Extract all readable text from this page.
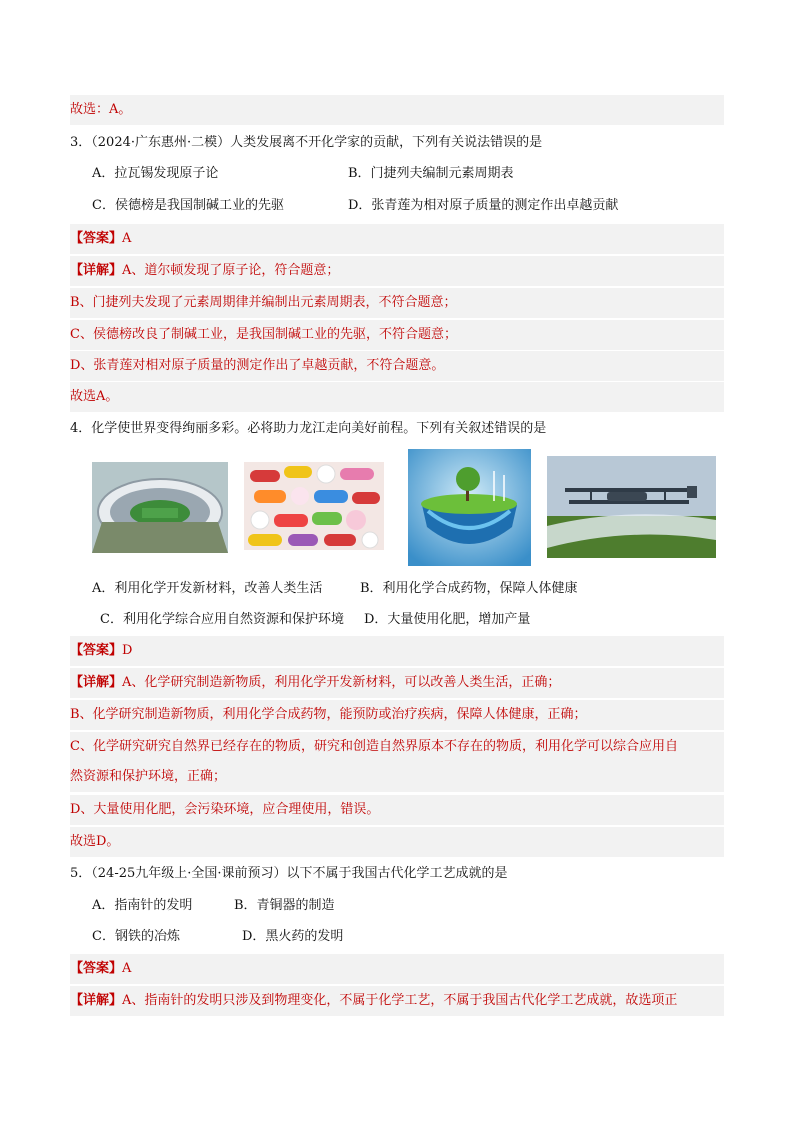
故选：A。
3．（2024·广东惠州·二模）人类发展离不开化学家的贡献，下列有关说法错误的是
A．拉瓦锡发现原子论	B．门捷列夫编制元素周期表
C．侯德榜是我国制碱工业的先驱	D．张青莲为相对原子质量的测定作出卓越贡献
【答案】A
【详解】A、道尔顿发现了原子论，符合题意；
B、门捷列夫发现了元素周期律并编制出元素周期表，不符合题意；
C、侯德榜改良了制碱工业，是我国制碱工业的先驱，不符合题意；
D、张青莲对相对原子质量的测定作出了卓越贡献，不符合题意。
故选A。
4．化学使世界变得绚丽多彩。必将助力龙江走向美好前程。下列有关叙述错误的是
A．利用化学开发新材料，改善人类生活	B．利用化学合成药物，保障人体健康
C．利用化学综合应用自然资源和保护环境 D．大量使用化肥，增加产量
【答案】D
【详解】A、化学研究制造新物质，利用化学开发新材料，可以改善人类生活，正确；
B、化学研究制造新物质，利用化学合成药物，能预防或治疗疾病，保障人体健康，正确；
C、化学研究研究自然界已经存在的物质，研究和创造自然界原本不存在的物质，利用化学可以综合应用自
然资源和保护环境，正确；
D、大量使用化肥，会污染环境，应合理使用，错误。
故选D。
5．（24-25九年级上·全国·课前预习）以下不属于我国古代化学工艺成就的是
A．指南针的发明	B．青铜器的制造
C．钢铁的冶炼	D．黑火药的发明
【答案】A
【详解】A、指南针的发明只涉及到物理变化，不属于化学工艺，不属于我国古代化学工艺成就，故选项正
